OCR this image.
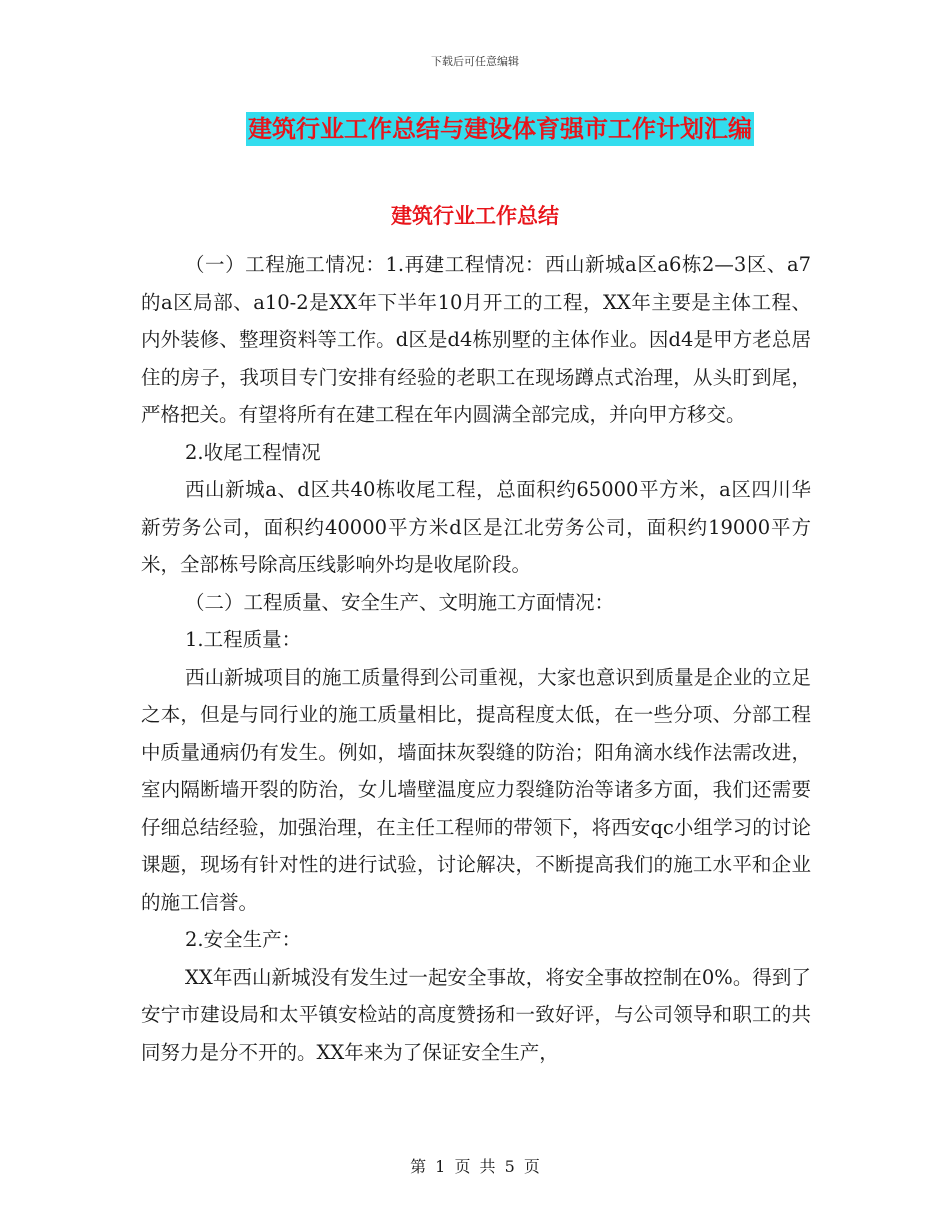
下载后可任意编辑
建筑行业工作总结与建设体育强市工作计划汇编
建筑行业工作总结

（一）工程施工情况：1.再建工程情况：西山新城a区a6栋2—3区、a7的a区局部、a10-2是XX年下半年10月开工的工程，XX年主要是主体工程、内外装修、整理资料等工作。d区是d4栋别墅的主体作业。因d4是甲方老总居住的房子，我项目专门安排有经验的老职工在现场蹲点式治理，从头盯到尾，严格把关。有望将所有在建工程在年内圆满全部完成，并向甲方移交。

2.收尾工程情况

西山新城a、d区共40栋收尾工程，总面积约65000平方米，a区四川华新劳务公司，面积约40000平方米d区是江北劳务公司，面积约19000平方米，全部栋号除高压线影响外均是收尾阶段。

（二）工程质量、安全生产、文明施工方面情况：

1.工程质量：

西山新城项目的施工质量得到公司重视，大家也意识到质量是企业的立足之本，但是与同行业的施工质量相比，提高程度太低，在一些分项、分部工程中质量通病仍有发生。例如，墙面抹灰裂缝的防治；阳角滴水线作法需改进，室内隔断墙开裂的防治，女儿墙壁温度应力裂缝防治等诸多方面，我们还需要仔细总结经验，加强治理，在主任工程师的带领下，将西安qc小组学习的讨论课题，现场有针对性的进行试验，讨论解决，不断提高我们的施工水平和企业的施工信誉。

2.安全生产：

XX年西山新城没有发生过一起安全事故，将安全事故控制在0%。得到了安宁市建设局和太平镇安检站的高度赞扬和一致好评，与公司领导和职工的共同努力是分不开的。XX年来为了保证安全生产，

第 1 页 共 5 页
